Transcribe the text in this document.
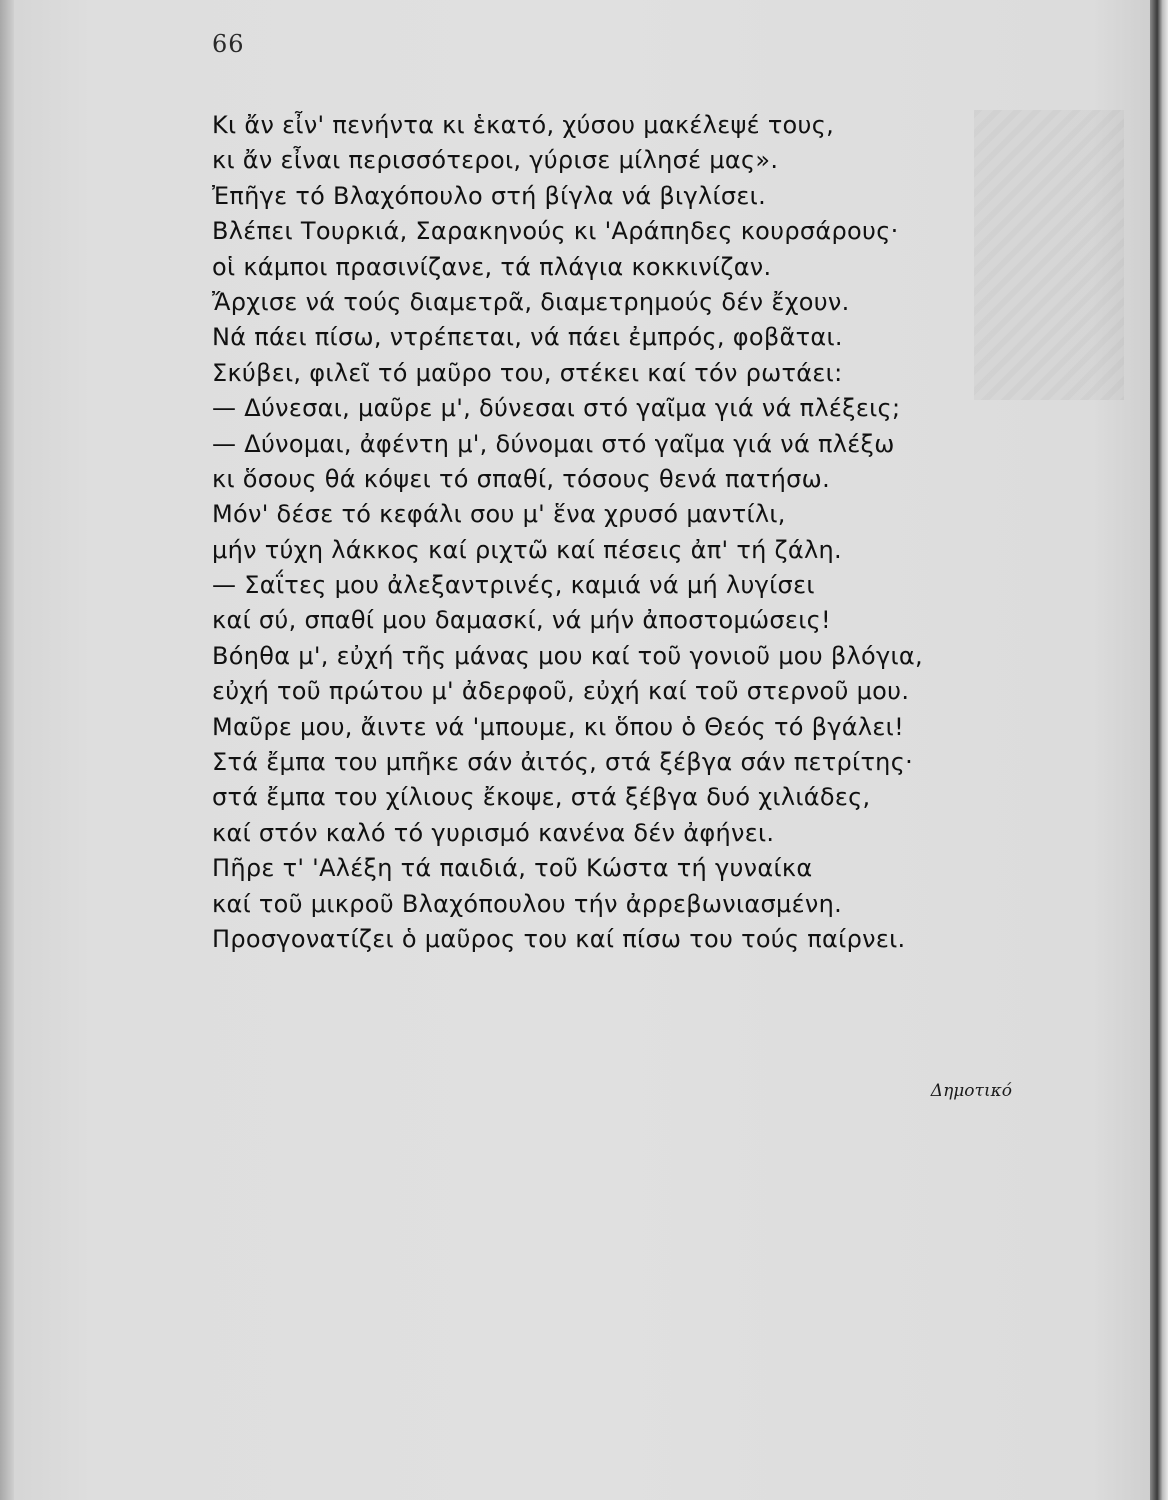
66
Κι ἄν εἶν' πενήντα κι ἑκατό, χύσου μακέλεψέ τους,
κι ἄν εἶναι περισσότεροι, γύρισε μίλησέ μας».
Ἐπῆγε τό Βλαχόπουλο στή βίγλα νά βιγλίσει.
Βλέπει Τουρκιά, Σαρακηνούς κι 'Αράπηδες κουρσάρους·
οἱ κάμποι πρασινίζανε, τά πλάγια κοκκινίζαν.
Ἄρχισε νά τούς διαμετρᾶ, διαμετρημούς δέν ἔχουν.
Νά πάει πίσω, ντρέπεται, νά πάει ἐμπρός, φοβᾶται.
Σκύβει, φιλεῖ τό μαῦρο του, στέκει καί τόν ρωτάει:
— Δύνεσαι, μαῦρε μ', δύνεσαι στό γαῖμα γιά νά πλέξεις;
— Δύνομαι, ἀφέντη μ', δύνομαι στό γαῖμα γιά νά πλέξω
κι ὅσους θά κόψει τό σπαθί, τόσους θενά πατήσω.
Μόν' δέσε τό κεφάλι σου μ' ἕνα χρυσό μαντίλι,
μήν τύχη λάκκος καί ριχτῶ καί πέσεις ἀπ' τή ζάλη.
— Σαΐτες μου ἀλεξαντρινές, καμιά νά μή λυγίσει
καί σύ, σπαθί μου δαμασκί, νά μήν ἀποστομώσεις!
Βόηθα μ', εὐχή τῆς μάνας μου καί τοῦ γονιοῦ μου βλόγια,
εὐχή τοῦ πρώτου μ' ἀδερφοῦ, εὐχή καί τοῦ στερνοῦ μου.
Μαῦρε μου, ἄιντε νά 'μπουμε, κι ὅπου ὁ Θεός τό βγάλει!
Στά ἔμπα του μπῆκε σάν ἀιτός, στά ξέβγα σάν πετρίτης·
στά ἔμπα του χίλιους ἔκοψε, στά ξέβγα δυό χιλιάδες,
καί στόν καλό τό γυρισμό κανένα δέν ἀφήνει.
Πῆρε τ' 'Αλέξη τά παιδιά, τοῦ Κώστα τή γυναίκα
καί τοῦ μικροῦ Βλαχόπουλου τήν ἀρρεβωνιασμένη.
Προσγονατίζει ὁ μαῦρος του καί πίσω του τούς παίρνει.
Δημοτικό
